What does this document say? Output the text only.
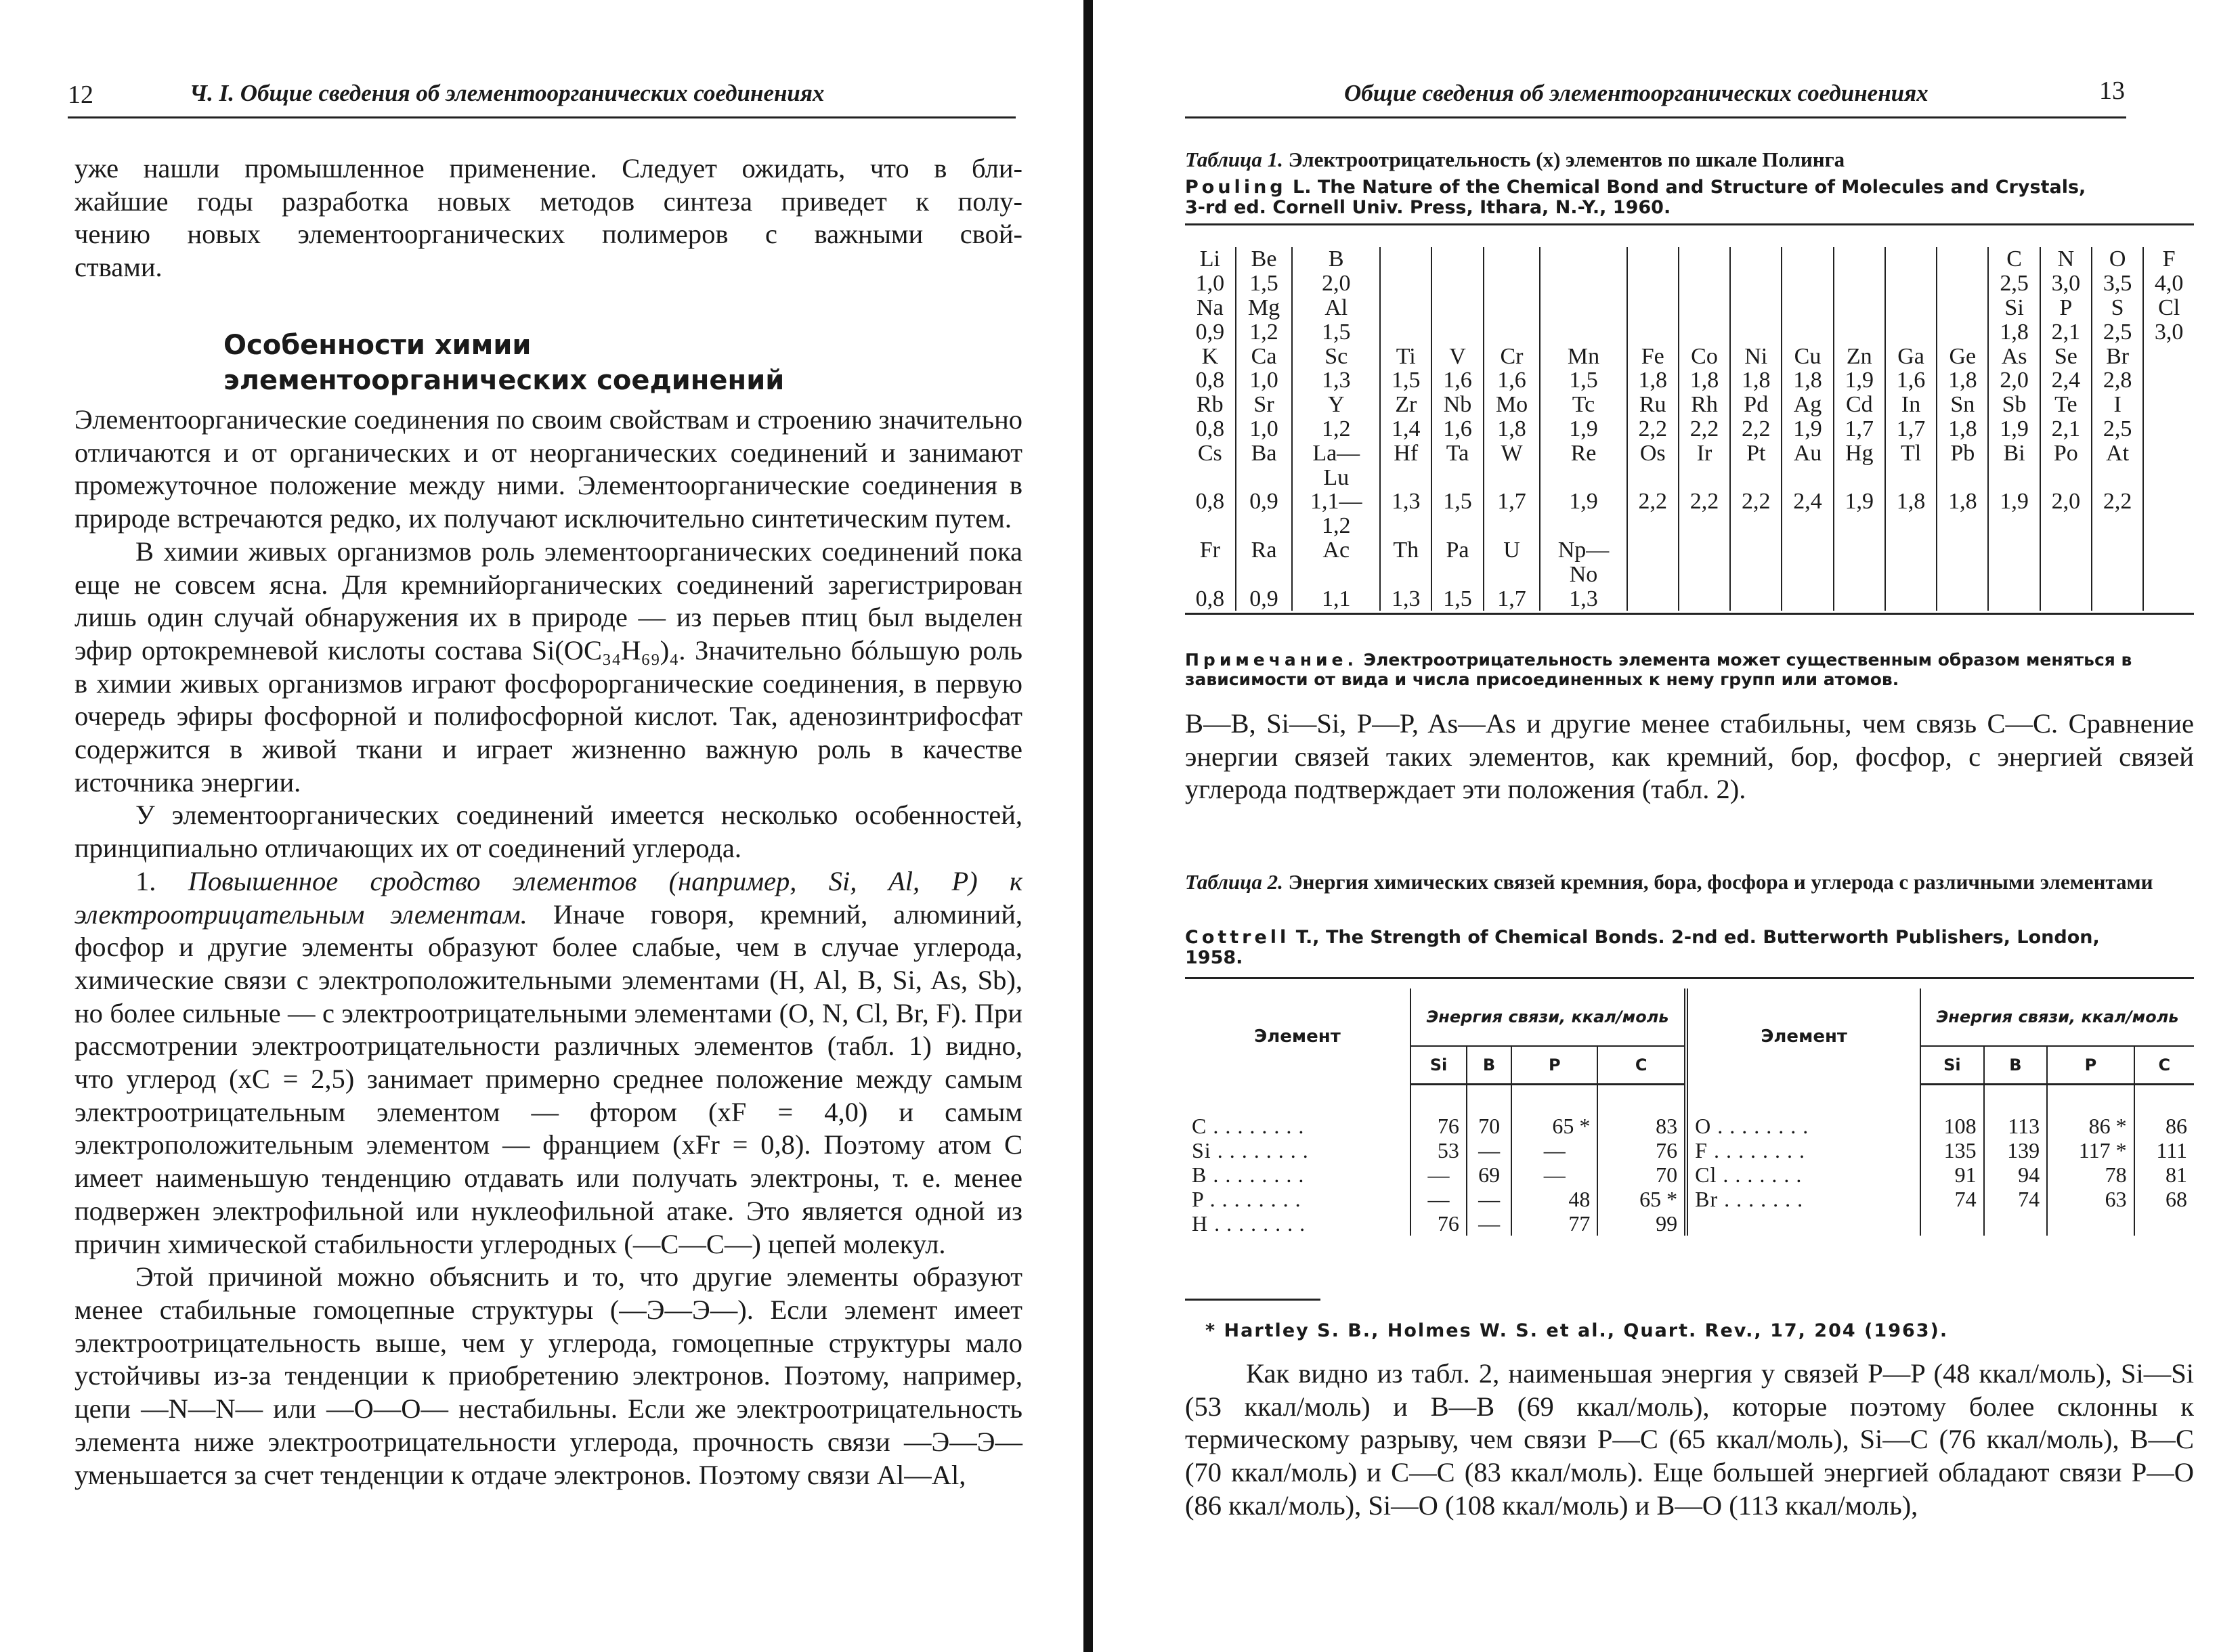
12	Ч. I. Общие сведения об элементоорганических соединениях
уже нашли промышленное применение. Следует ожидать, что в бли-
жайшие годы разработка новых методов синтеза приведет к полу-
чению новых элементоорганических полимеров с важными свой-
ствами.
Особенности химии
элементоорганических соединений

Элементоорганические соединения по своим свойствам и строению значительно отличаются и от органических и от неорганических соединений и занимают промежуточное положение между ними. Элементоорганические соединения в природе встречаются редко, их получают исключительно синтетическим путем.

В химии живых организмов роль элементоорганических соединений пока еще не совсем ясна. Для кремнийорганических соединений зарегистрирован лишь один случай обнаружения их в природе — из перьев птиц был выделен эфир ортокремневой кислоты состава Si(OC₃₄H₆₉)₄. Значительно бóльшую роль в химии живых организмов играют фосфорорганические соединения, в первую очередь эфиры фосфорной и полифосфорной кислот. Так, аденозинтрифосфат содержится в живой ткани и играет жизненно важную роль в качестве источника энергии.

У элементоорганических соединений имеется несколько особенностей, принципиально отличающих их от соединений углерода.

1. Повышенное сродство элементов (например, Si, Al, P) к электроотрицательным элементам. Иначе говоря, кремний, алюминий, фосфор и другие элементы образуют более слабые, чем в случае углерода, химические связи с электроположительными элементами (H, Al, B, Si, As, Sb), но более сильные — с электроотрицательными элементами (O, N, Cl, Br, F). При рассмотрении электроотрицательности различных элементов (табл. 1) видно, что углерод (xC = 2,5) занимает примерно среднее положение между самым электроотрицательным элементом — фтором (xF = 4,0) и самым электроположительным элементом — францием (xFr = 0,8). Поэтому атом C имеет наименьшую тенденцию отдавать или получать электроны, т. е. менее подвержен электрофильной или нуклеофильной атаке. Это является одной из причин химической стабильности углеродных (—C—C—) цепей молекул.

Этой причиной можно объяснить и то, что другие элементы образуют менее стабильные гомоцепные структуры (—Э—Э—). Если элемент имеет электроотрицательность выше, чем у углерода, гомоцепные структуры мало устойчивы из-за тенденции к приобретению электронов. Поэтому, например, цепи —N—N— или —O—O— нестабильны. Если же электроотрицательность элемента ниже электроотрицательности углерода, прочность связи —Э—Э— уменьшается за счет тенденции к отдаче электронов. Поэтому связи Al—Al,

Общие сведения об элементоорганических соединениях	13
Таблица 1. Электроотрицательность (x) элементов по шкале Полинга
Pouling L. The Nature of the Chemical Bond and Structure of Molecules and Crystals,
3-rd ed. Cornell Univ. Press, Ithara, N.-Y., 1960.
Li	Be	B												C	N	O	F
1,0	1,5	2,0												2,5	3,0	3,5	4,0
Na	Mg	Al												Si	P	S	Cl
0,9	1,2	1,5												1,8	2,1	2,5	3,0
K	Ca	Sc	Ti	V	Cr	Mn	Fe	Co	Ni	Cu	Zn	Ga	Ge	As	Se	Br	
0,8	1,0	1,3	1,5	1,6	1,6	1,5	1,8	1,8	1,8	1,8	1,9	1,6	1,8	2,0	2,4	2,8	
Rb	Sr	Y	Zr	Nb	Mo	Tc	Ru	Rh	Pd	Ag	Cd	In	Sn	Sb	Te	I	
0,8	1,0	1,2	1,4	1,6	1,8	1,9	2,2	2,2	2,2	1,9	1,7	1,7	1,8	1,9	2,1	2,5	
Cs	Ba	La—	Hf	Ta	W	Re	Os	Ir	Pt	Au	Hg	Tl	Pb	Bi	Po	At	
		Lu															
0,8	0,9	1,1—	1,3	1,5	1,7	1,9	2,2	2,2	2,2	2,4	1,9	1,8	1,8	1,9	2,0	2,2	
		1,2															
Fr	Ra	Ac	Th	Pa	U	Np—											
						No											
0,8	0,9	1,1	1,3	1,5	1,7	1,3											
Примечание. Электроотрицательность элемента может существенным образом меняться в зависимости от вида и числа присоединенных к нему групп или атомов.

B—B, Si—Si, P—P, As—As и другие менее стабильны, чем связь C—C. Сравнение энергии связей таких элементов, как кремний, бор, фосфор, с энергией связей углерода подтверждает эти положения (табл. 2).

Таблица 2. Энергия химических связей кремния, бора, фосфора и углерода с различными элементами
Cottrell T., The Strength of Chemical Bonds. 2-nd ed. Butterworth Publishers, London,
1958.
Элемент	Энергия связи, ккал/моль				Элемент	Энергия связи, ккал/моль			
	Si	B	P	C		Si	B	P	C

C . . . . . . . .	76	70	65 *	83	O . . . . . . . .	108	113	86 *	86
Si . . . . . . . .	53	—	—	76	F . . . . . . . .	135	139	117 *	111
B . . . . . . . .	—	69	—	70	Cl . . . . . . .	91	94	78	81
P . . . . . . . .	—	—	48	65 *	Br . . . . . . .	74	74	63	68
H . . . . . . . .	76	—	77	99					
* Hartley S. B., Holmes W. S. et al., Quart. Rev., 17, 204 (1963).

Как видно из табл. 2, наименьшая энергия у связей P—P (48 ккал/моль), Si—Si (53 ккал/моль) и B—B (69 ккал/моль), которые поэтому более склонны к термическому разрыву, чем связи P—C (65 ккал/моль), Si—C (76 ккал/моль), B—C (70 ккал/моль) и C—C (83 ккал/моль). Еще большей энергией обладают связи P—O (86 ккал/моль), Si—O (108 ккал/моль) и B—O (113 ккал/моль),
